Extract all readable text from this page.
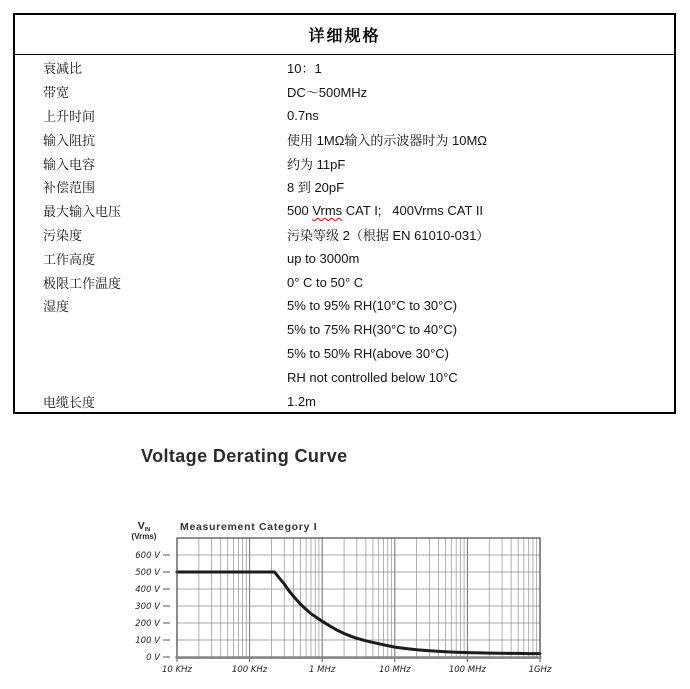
详细规格
衰减比	10：1
带宽	DC～500MHz
上升时间	0.7ns
输入阻抗	使用 1MΩ输入的示波器时为 10MΩ
输入电容	约为 11pF
补偿范围	8 到 20pF
最大输入电压	500 Vrms CAT I;   400Vrms CAT II
污染度	污染等级 2（根据 EN 61010-031）
工作高度	up to 3000m
极限工作温度	0° C to 50° C
湿度	5% to 95% RH(10°C to 30°C)
5% to 75% RH(30°C to 40°C)
5% to 50% RH(above 30°C)
RH not controlled below 10°C
电缆长度	1.2m
Voltage Derating Curve
0 V
100 V
200 V
300 V
400 V
500 V
600 V
10 KHz	100 KHz	1 MHz	10 MHz	100 MHz	1GHz
Measurement Category I
VIN
(Vrms)
